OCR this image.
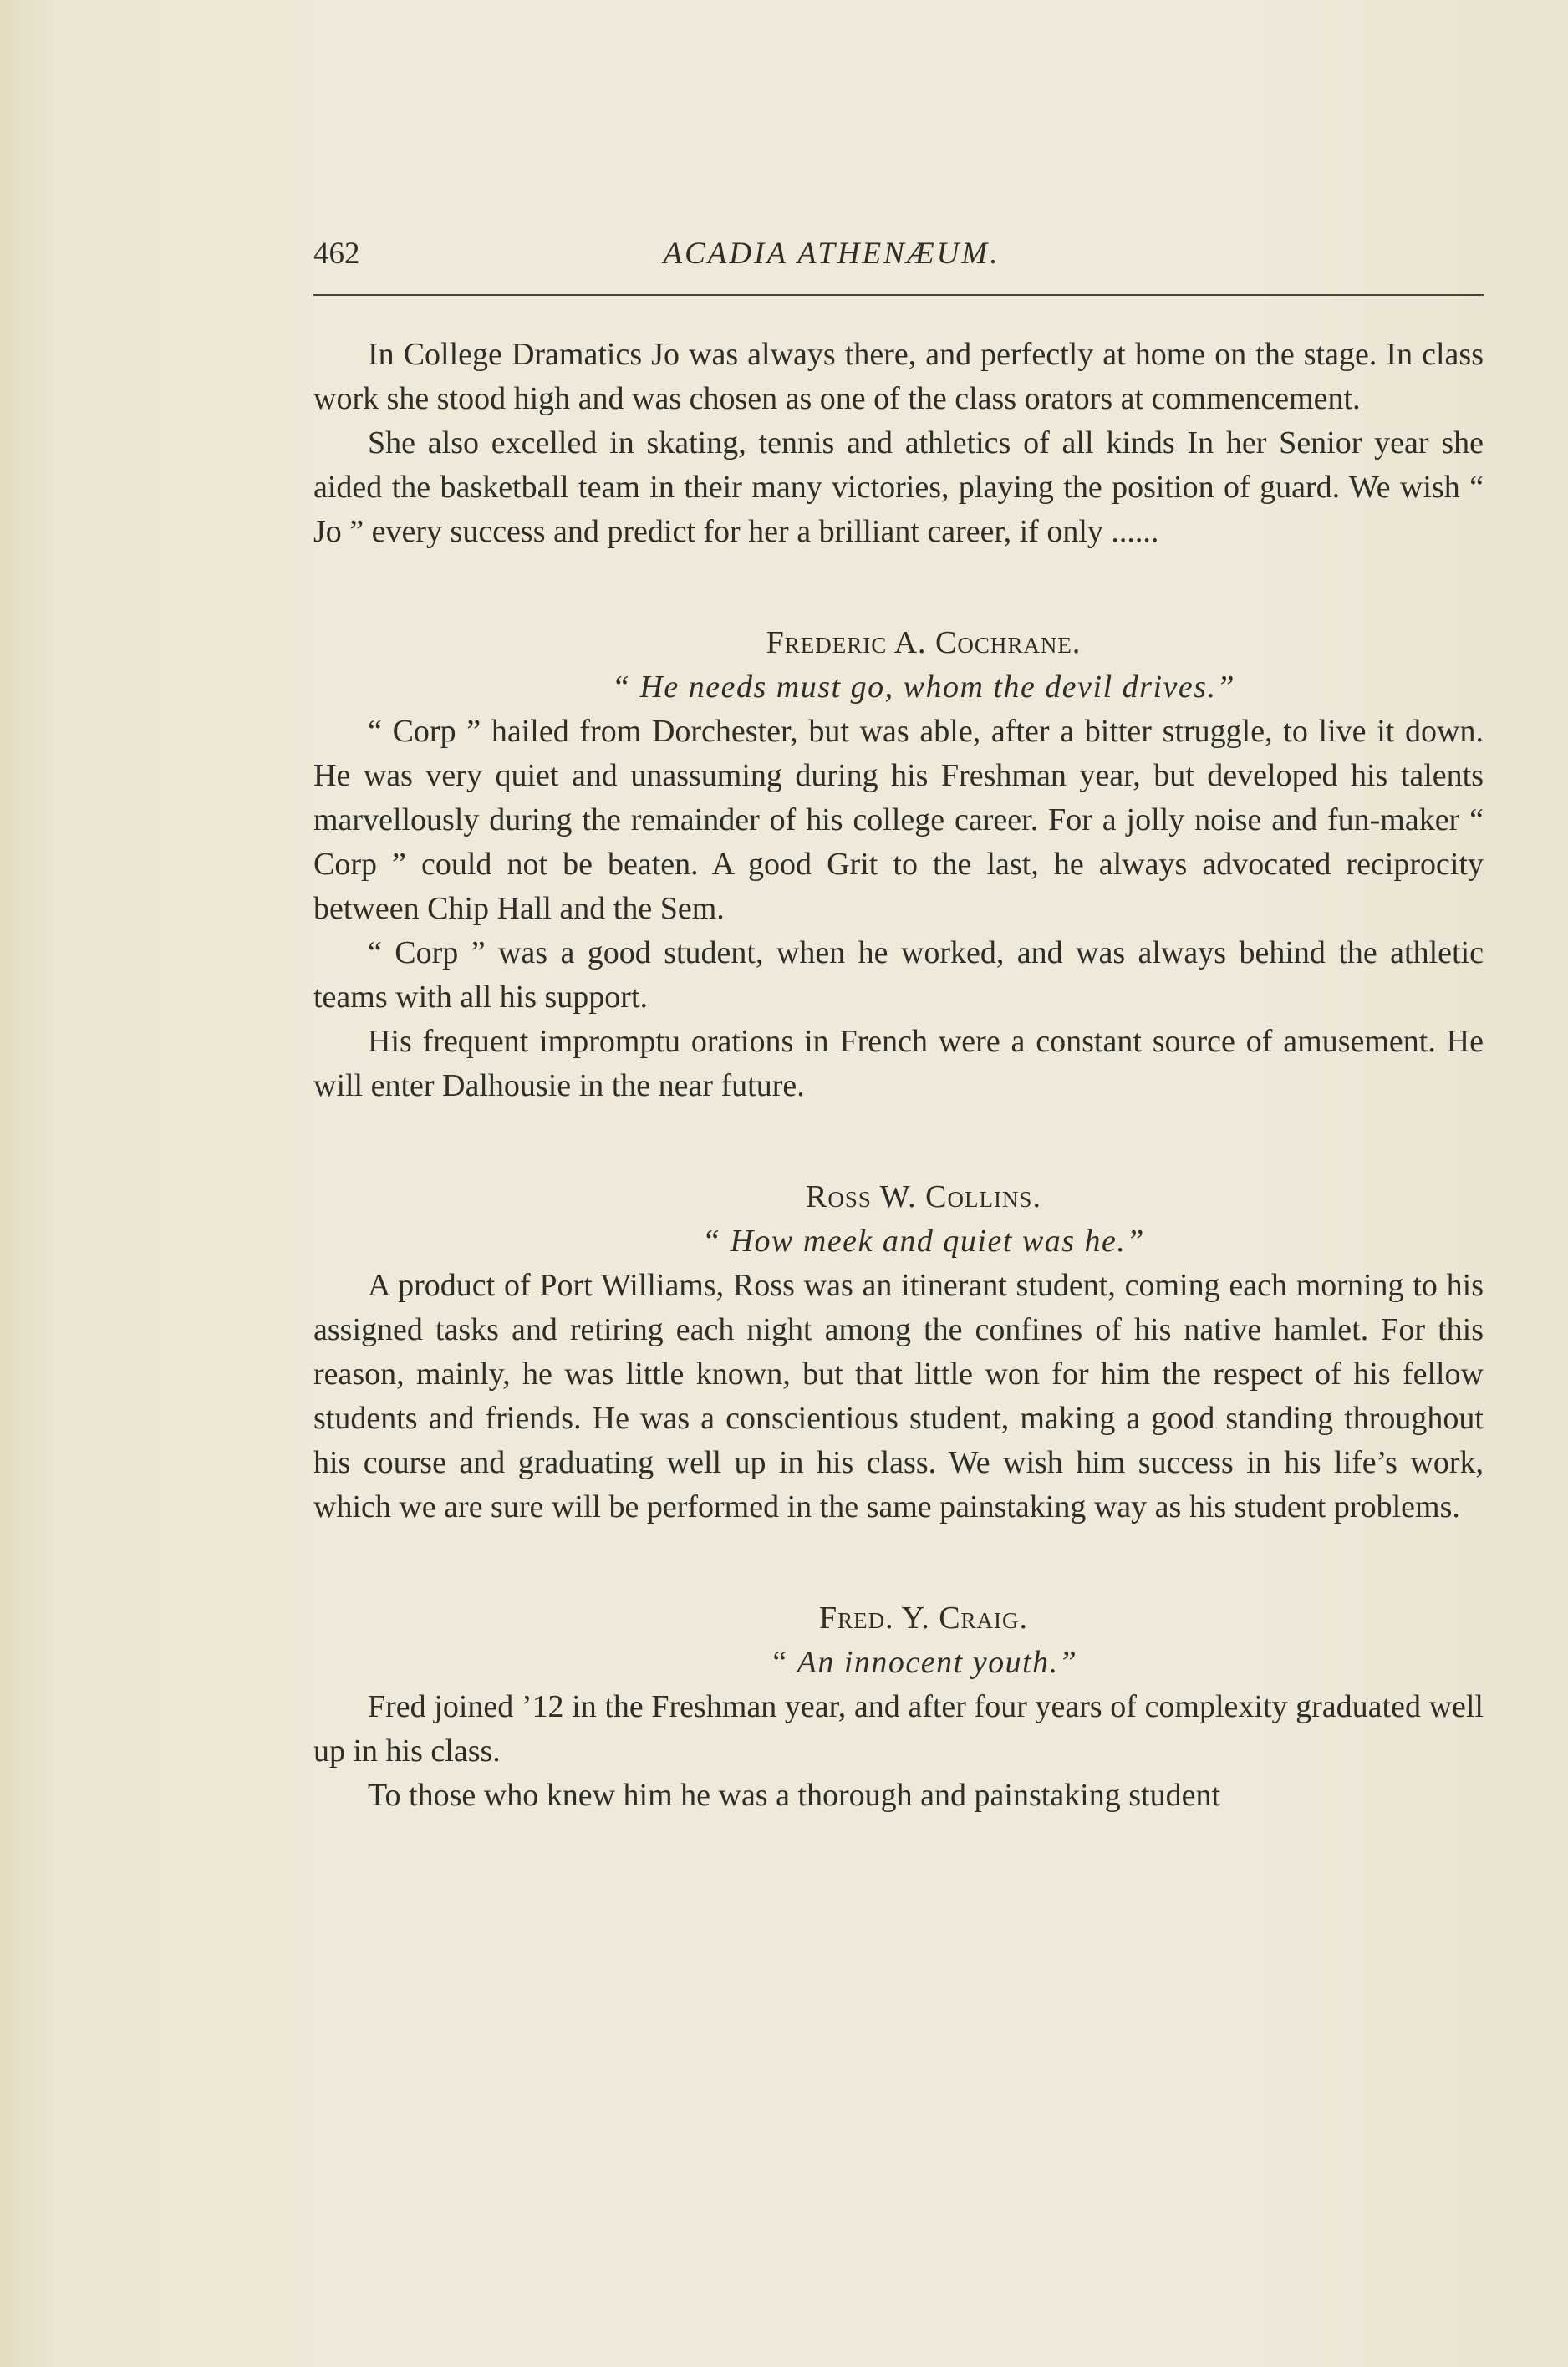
462	ACADIA ATHENÆUM.

In College Dramatics Jo was always there, and perfectly at home on the stage. In class work she stood high and was chosen as one of the class orators at commencement.

She also excelled in skating, tennis and athletics of all kinds In her Senior year she aided the basketball team in their many victories, playing the position of guard. We wish “ Jo ” every success and predict for her a brilliant career, if only ......

Frederic A. Cochrane.

“ He needs must go, whom the devil drives.”

“ Corp ” hailed from Dorchester, but was able, after a bitter struggle, to live it down. He was very quiet and unassuming during his Freshman year, but developed his talents marvellously during the remainder of his college career. For a jolly noise and fun-maker “ Corp ” could not be beaten. A good Grit to the last, he always advocated reciprocity between Chip Hall and the Sem.

“ Corp ” was a good student, when he worked, and was always behind the athletic teams with all his support.

His frequent impromptu orations in French were a constant source of amusement. He will enter Dalhousie in the near future.

Ross W. Collins.

“ How meek and quiet was he.”

A product of Port Williams, Ross was an itinerant student, coming each morning to his assigned tasks and retiring each night among the confines of his native hamlet. For this reason, mainly, he was little known, but that little won for him the respect of his fellow students and friends. He was a conscientious student, making a good standing throughout his course and graduating well up in his class. We wish him success in his life’s work, which we are sure will be performed in the same painstaking way as his student problems.

Fred. Y. Craig.

“ An innocent youth.”

Fred joined ’12 in the Freshman year, and after four years of complexity graduated well up in his class.

To those who knew him he was a thorough and painstaking student
